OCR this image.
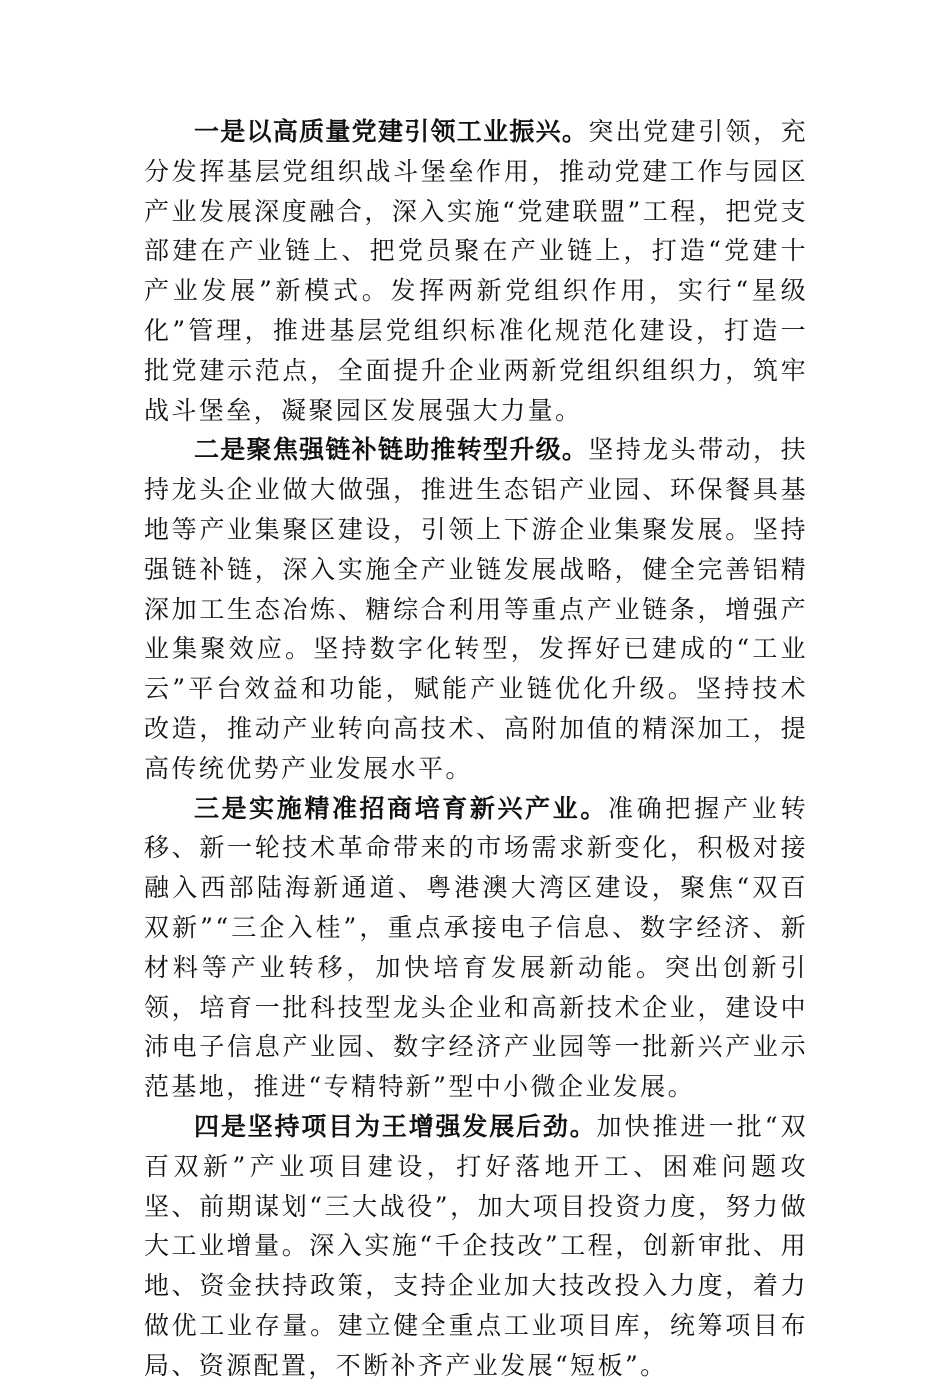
一是以高质量党建引领工业振兴。突出党建引领，充分发挥基层党组织战斗堡垒作用，推动党建工作与园区产业发展深度融合，深入实施“党建联盟”工程，把党支部建在产业链上、把党员聚在产业链上，打造“党建十产业发展”新模式。发挥两新党组织作用，实行“星级化”管理，推进基层党组织标准化规范化建设，打造一批党建示范点，全面提升企业两新党组织组织力，筑牢战斗堡垒，凝聚园区发展强大力量。

二是聚焦强链补链助推转型升级。坚持龙头带动，扶持龙头企业做大做强，推进生态铝产业园、环保餐具基地等产业集聚区建设，引领上下游企业集聚发展。坚持强链补链，深入实施全产业链发展战略，健全完善铝精深加工生态冶炼、糖综合利用等重点产业链条，增强产业集聚效应。坚持数字化转型，发挥好已建成的“工业云”平台效益和功能，赋能产业链优化升级。坚持技术改造，推动产业转向高技术、高附加值的精深加工，提高传统优势产业发展水平。

三是实施精准招商培育新兴产业。准确把握产业转移、新一轮技术革命带来的市场需求新变化，积极对接融入西部陆海新通道、粤港澳大湾区建设，聚焦“双百双新”“三企入桂”，重点承接电子信息、数字经济、新材料等产业转移，加快培育发展新动能。突出创新引领，培育一批科技型龙头企业和高新技术企业，建设中沛电子信息产业园、数字经济产业园等一批新兴产业示范基地，推进“专精特新”型中小微企业发展。

四是坚持项目为王增强发展后劲。加快推进一批“双百双新”产业项目建设，打好落地开工、困难问题攻坚、前期谋划“三大战役”，加大项目投资力度，努力做大工业增量。深入实施“千企技改”工程，创新审批、用地、资金扶持政策，支持企业加大技改投入力度，着力做优工业存量。建立健全重点工业项目库，统筹项目布局、资源配置，不断补齐产业发展“短板”。
